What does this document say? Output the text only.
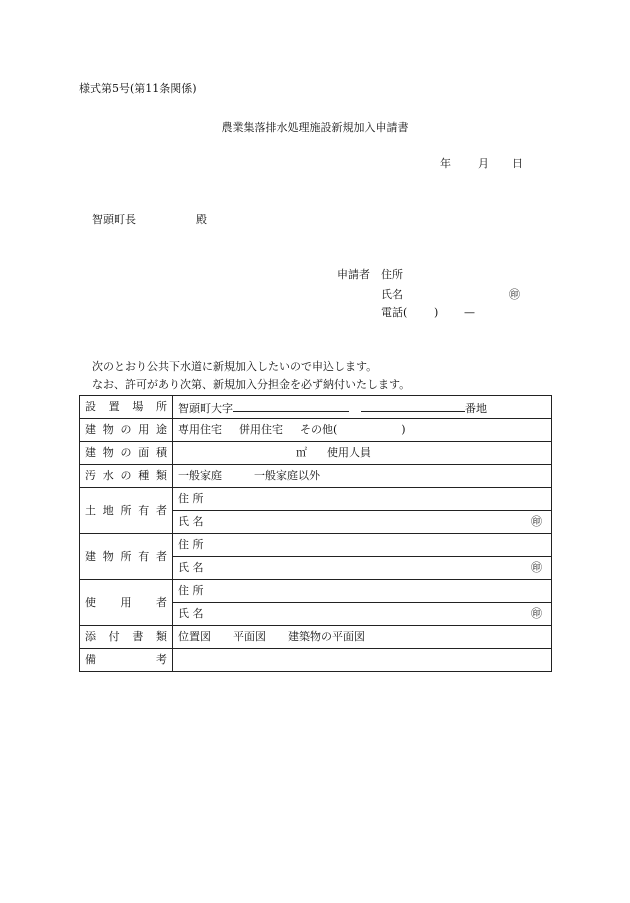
様式第5号(第11条関係)
農業集落排水処理施設新規加入申請書
年 月 日
智頭町長	殿
申請者 住所
氏名	㊞
電話( ) —
次のとおり公共下水道に新規加入したいので申込します。
なお、許可があり次第、新規加入分担金を必ず納付いたします。
設置場所	智頭町大字 番地
建物の用途	専用住宅 併用住宅 その他( )
建物の面積	㎡ 使用人員
汚水の種類	一般家庭 一般家庭以外
土地所有者	住 所
	氏 名 ㊞

建物所有者	住 所
	氏 名 ㊞

使用者	住 所
	氏 名 ㊞

添付書類	位置図 平面図 建築物の平面図
備考	
